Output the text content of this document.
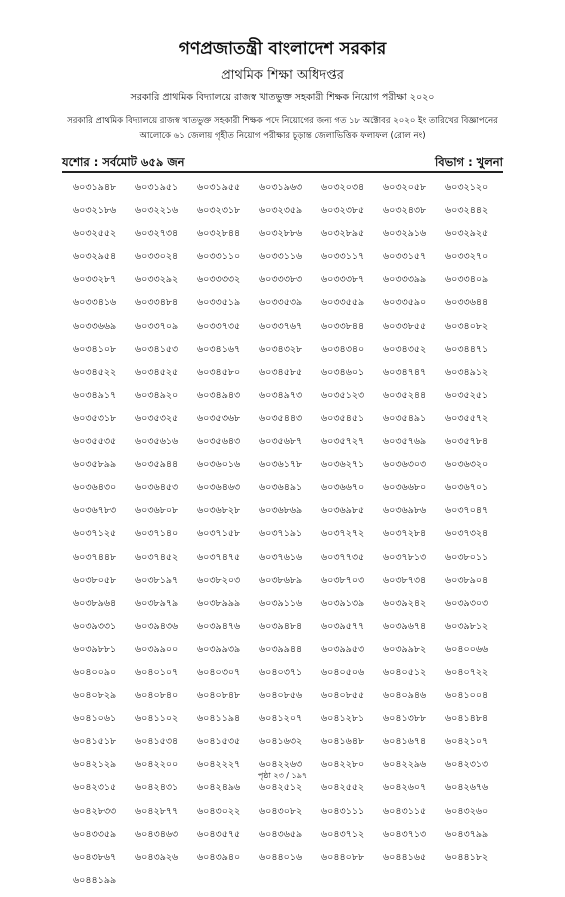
গণপ্রজাতন্ত্রী বাংলাদেশ সরকার
প্রাথমিক শিক্ষা অধিদপ্তর
সরকারি প্রাথমিক বিদ্যালয়ে রাজস্ব খাতভুক্ত সহকারী শিক্ষক নিয়োগ পরীক্ষা ২০২০
সরকারি প্রাথমিক বিদ্যালয়ে রাজস্ব খাতভুক্ত সহকারী শিক্ষক পদে নিয়োগের জন্য গত ১৮ অক্টোবর ২০২০ ইং তারিখের বিজ্ঞাপনের আলোকে ৬১ জেলায় গৃহীত নিয়োগ পরীক্ষার চূড়ান্ত জেলাভিত্তিক ফলাফল (রোল নং)
যশোর : সর্বমোট ৬৫৯ জন	বিভাগ : খুলনা
৬০৩১৯৪৮	৬০৩১৯৫১	৬০৩১৯৫৫	৬০৩১৯৬৩	৬০৩২০৩৪	৬০৩২০৫৮	৬০৩২১২০
৬০৩২১৮৬	৬০৩২২১৬	৬০৩২৩১৮	৬০৩২৩৫৯	৬০৩২৩৮৫	৬০৩২৪৩৮	৬০৩২৪৪২
৬০৩২৫৫২	৬০৩২৭৩৪	৬০৩২৮৪৪	৬০৩২৮৮৬	৬০৩২৮৯৫	৬০৩২৯১৬	৬০৩২৯২৫
৬০৩২৯৫৪	৬০৩৩০২৪	৬০৩৩১১০	৬০৩৩১১৬	৬০৩৩১১৭	৬০৩৩১৫৭	৬০৩৩২৭০
৬০৩৩২৮৭	৬০৩৩২৯২	৬০৩৩৩৩২	৬০৩৩৩৮৩	৬০৩৩৩৮৭	৬০৩৩৩৯৯	৬০৩৩৪০৯
৬০৩৩৪১৬	৬০৩৩৪৮৪	৬০৩৩৫১৯	৬০৩৩৫৩৯	৬০৩৩৫৫৯	৬০৩৩৫৯০	৬০৩৩৬৪৪
৬০৩৩৬৬৯	৬০৩৩৭০৯	৬০৩৩৭৩৫	৬০৩৩৭৬৭	৬০৩৩৮৪৪	৬০৩৩৮৫৫	৬০৩৪০৮২
৬০৩৪১০৮	৬০৩৪১৫৩	৬০৩৪১৬৭	৬০৩৪৩২৮	৬০৩৪৩৪০	৬০৩৪৩৫২	৬০৩৪৪৭১
৬০৩৪৫২২	৬০৩৪৫২৫	৬০৩৪৫৮০	৬০৩৪৫৮৫	৬০৩৪৬০১	৬০৩৪৭৪৭	৬০৩৪৯১২
৬০৩৪৯১৭	৬০৩৪৯২০	৬০৩৪৯৪৩	৬০৩৪৯৭৩	৬০৩৫১২৩	৬০৩৫২৪৪	৬০৩৫২৫১
৬০৩৫৩১৮	৬০৩৫৩২৫	৬০৩৫৩৬৮	৬০৩৫৪৪৩	৬০৩৫৪৫১	৬০৩৫৪৯১	৬০৩৫৫৭২
৬০৩৫৫৩৫	৬০৩৫৬১৬	৬০৩৫৬৪৩	৬০৩৫৬৮৭	৬০৩৫৭২৭	৬০৩৫৭৬৯	৬০৩৫৭৮৪
৬০৩৫৮৯৯	৬০৩৫৯৪৪	৬০৩৬০১৬	৬০৩৬১৭৮	৬০৩৬২৭১	৬০৩৬৩০৩	৬০৩৬৩২০
৬০৩৬৪৩০	৬০৩৬৪৫৩	৬০৩৬৪৬৩	৬০৩৬৪৯১	৬০৩৬৬৭০	৬০৩৬৬৮০	৬০৩৬৭০১
৬০৩৬৭৮৩	৬০৩৬৮০৮	৬০৩৬৮২৮	৬০৩৬৮৬৯	৬০৩৬৯৮৫	৬০৩৬৯৮৬	৬০৩৭০৪৭
৬০৩৭১২৫	৬০৩৭১৪০	৬০৩৭১৫৮	৬০৩৭১৯১	৬০৩৭২৭২	৬০৩৭২৮৪	৬০৩৭৩২৪
৬০৩৭৪৪৮	৬০৩৭৪৫২	৬০৩৭৪৭৫	৬০৩৭৬১৬	৬০৩৭৭৩৫	৬০৩৭৮১৩	৬০৩৮০১১
৬০৩৮০৫৮	৬০৩৮১৯৭	৬০৩৮২০৩	৬০৩৮৬৮৯	৬০৩৮৭০৩	৬০৩৮৭৩৪	৬০৩৮৯০৪
৬০৩৮৯৬৪	৬০৩৮৯৭৯	৬০৩৮৯৯৯	৬০৩৯১১৬	৬০৩৯১৩৯	৬০৩৯২৪২	৬০৩৯৩০৩
৬০৩৯৩৩১	৬০৩৯৪৩৬	৬০৩৯৪৭৬	৬০৩৯৪৮৪	৬০৩৯৫৭৭	৬০৩৯৬৭৪	৬০৩৯৮১২
৬০৩৯৮৮১	৬০৩৯৯০০	৬০৩৯৯৩৯	৬০৩৯৯৪৪	৬০৩৯৯৫৩	৬০৩৯৯৮২	৬০৪০০৬৬
৬০৪০০৯০	৬০৪০১০৭	৬০৪০৩০৭	৬০৪০৩৭১	৬০৪০৫০৬	৬০৪০৫১২	৬০৪০৭২২
৬০৪০৮২৯	৬০৪০৮৪০	৬০৪০৮৪৮	৬০৪০৮৫৬	৬০৪০৮৫৫	৬০৪০৯৪৬	৬০৪১০০৪
৬০৪১০৬১	৬০৪১১০২	৬০৪১১৯৪	৬০৪১২০৭	৬০৪১২৮১	৬০৪১৩৮৮	৬০৪১৪৮৪
৬০৪১৫১৮	৬০৪১৫৩৪	৬০৪১৫৩৫	৬০৪১৬৩২	৬০৪১৬৪৮	৬০৪১৬৭৪	৬০৪২১০৭
৬০৪২১২৯	৬০৪২২০০	৬০৪২২২৭	৬০৪২২৬৩	৬০৪২২৮০	৬০৪২২৯৬	৬০৪২৩১৩
৬০৪২৩১৫	৬০৪২৪৩১	৬০৪২৪৯৬	৬০৪২৫১২	৬০৪২৫৫২	৬০৪২৬০৭	৬০৪২৬৭৬
৬০৪২৮৩৩	৬০৪২৮৭৭	৬০৪৩০২২	৬০৪৩০৮২	৬০৪৩১১১	৬০৪৩১১৫	৬০৪৩২৬০
৬০৪৩৩৫৯	৬০৪৩৪৬৩	৬০৪৩৫৭৫	৬০৪৩৬৫৯	৬০৪৩৭১২	৬০৪৩৭১৩	৬০৪৩৭৯৯
৬০৪৩৮৬৭	৬০৪৩৯২৬	৬০৪৩৯৪০	৬০৪৪০১৬	৬০৪৪০৮৮	৬০৪৪১৬৫	৬০৪৪১৮২
৬০৪৪১৯৯
পৃষ্ঠা ২৩ / ১৯৭
